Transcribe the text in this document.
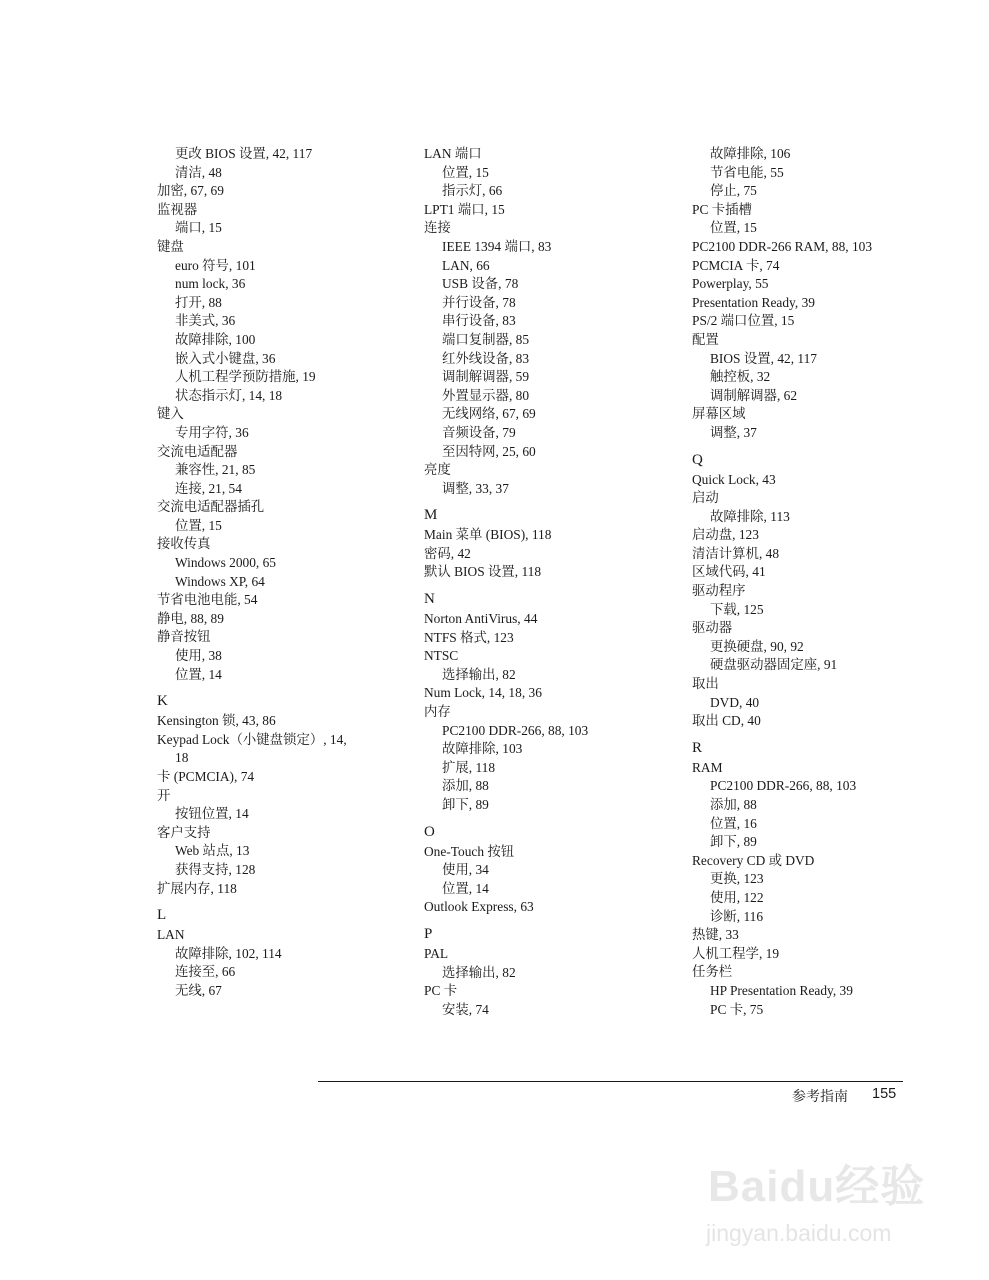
更改 BIOS 设置, 42, 117
清洁, 48
加密, 67, 69
监视器
端口, 15
键盘
euro 符号, 101
num lock, 36
打开, 88
非美式, 36
故障排除, 100
嵌入式小键盘, 36
人机工程学预防措施, 19
状态指示灯, 14, 18
键入
专用字符, 36
交流电适配器
兼容性, 21, 85
连接, 21, 54
交流电适配器插孔
位置, 15
接收传真
Windows 2000, 65
Windows XP, 64
节省电池电能, 54
静电, 88, 89
静音按钮
使用, 38
位置, 14
K
Kensington 锁, 43, 86
Keypad Lock（小键盘锁定）, 14,
18
卡 (PCMCIA), 74
开
按钮位置, 14
客户支持
Web 站点, 13
获得支持, 128
扩展内存, 118
L
LAN
故障排除, 102, 114
连接至, 66
无线, 67
LAN 端口
位置, 15
指示灯, 66
LPT1 端口, 15
连接
IEEE 1394 端口, 83
LAN, 66
USB 设备, 78
并行设备, 78
串行设备, 83
端口复制器, 85
红外线设备, 83
调制解调器, 59
外置显示器, 80
无线网络, 67, 69
音频设备, 79
至因特网, 25, 60
亮度
调整, 33, 37
M
Main 菜单 (BIOS), 118
密码, 42
默认 BIOS 设置, 118
N
Norton AntiVirus, 44
NTFS 格式, 123
NTSC
选择输出, 82
Num Lock, 14, 18, 36
内存
PC2100 DDR-266, 88, 103
故障排除, 103
扩展, 118
添加, 88
卸下, 89
O
One-Touch 按钮
使用, 34
位置, 14
Outlook Express, 63
P
PAL
选择输出, 82
PC 卡
安装, 74
故障排除, 106
节省电能, 55
停止, 75
PC 卡插槽
位置, 15
PC2100 DDR-266 RAM, 88, 103
PCMCIA 卡, 74
Powerplay, 55
Presentation Ready, 39
PS/2 端口位置, 15
配置
BIOS 设置, 42, 117
触控板, 32
调制解调器, 62
屏幕区域
调整, 37
Q
Quick Lock, 43
启动
故障排除, 113
启动盘, 123
清洁计算机, 48
区域代码, 41
驱动程序
下载, 125
驱动器
更换硬盘, 90, 92
硬盘驱动器固定座, 91
取出
DVD, 40
取出 CD, 40
R
RAM
PC2100 DDR-266, 88, 103
添加, 88
位置, 16
卸下, 89
Recovery CD 或 DVD
更换, 123
使用, 122
诊断, 116
热键, 33
人机工程学, 19
任务栏
HP Presentation Ready, 39
PC 卡, 75
参考指南 155
Baidu经验
jingyan.baidu.com
